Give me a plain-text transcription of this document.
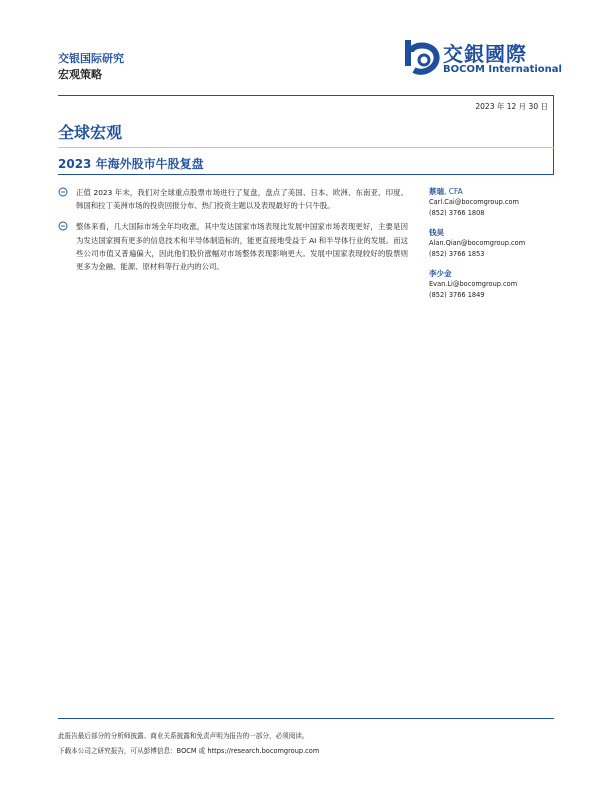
交银国际研究
宏观策略
交銀國際
BOCOM International
2023 年 12 月 30 日
全球宏观
2023 年海外股市牛股复盘
正值 2023 年末，我们对全球重点股票市场进行了复盘，盘点了美国、日本、欧洲、东南亚、印度、韩国和拉丁美洲市场的投资回报分布、热门投资主题以及表现最好的十只牛股。
整体来看，几大国际市场全年均收涨，其中发达国家市场表现比发展中国家市场表现更好，主要是因为发达国家拥有更多的信息技术和半导体制造标的，能更直接地受益于 AI 和半导体行业的发展。而这些公司市值又普遍偏大，因此他们股价涨幅对市场整体表现影响更大。发展中国家表现较好的股票则更多为金融、能源、原材料等行业内的公司。
蔡瑞, CFA
Carl.Cai@bocomgroup.com
(852) 3766 1808
钱昊
Alan.Qian@bocomgroup.com
(852) 3766 1853
李少金
Evan.Li@bocomgroup.com
(852) 3766 1849
此报告最后部分的分析师披露、商业关系披露和免责声明为报告的一部分，必须阅读。
下载本公司之研究报告，可从彭博信息：BOCM 或 https://research.bocomgroup.com
